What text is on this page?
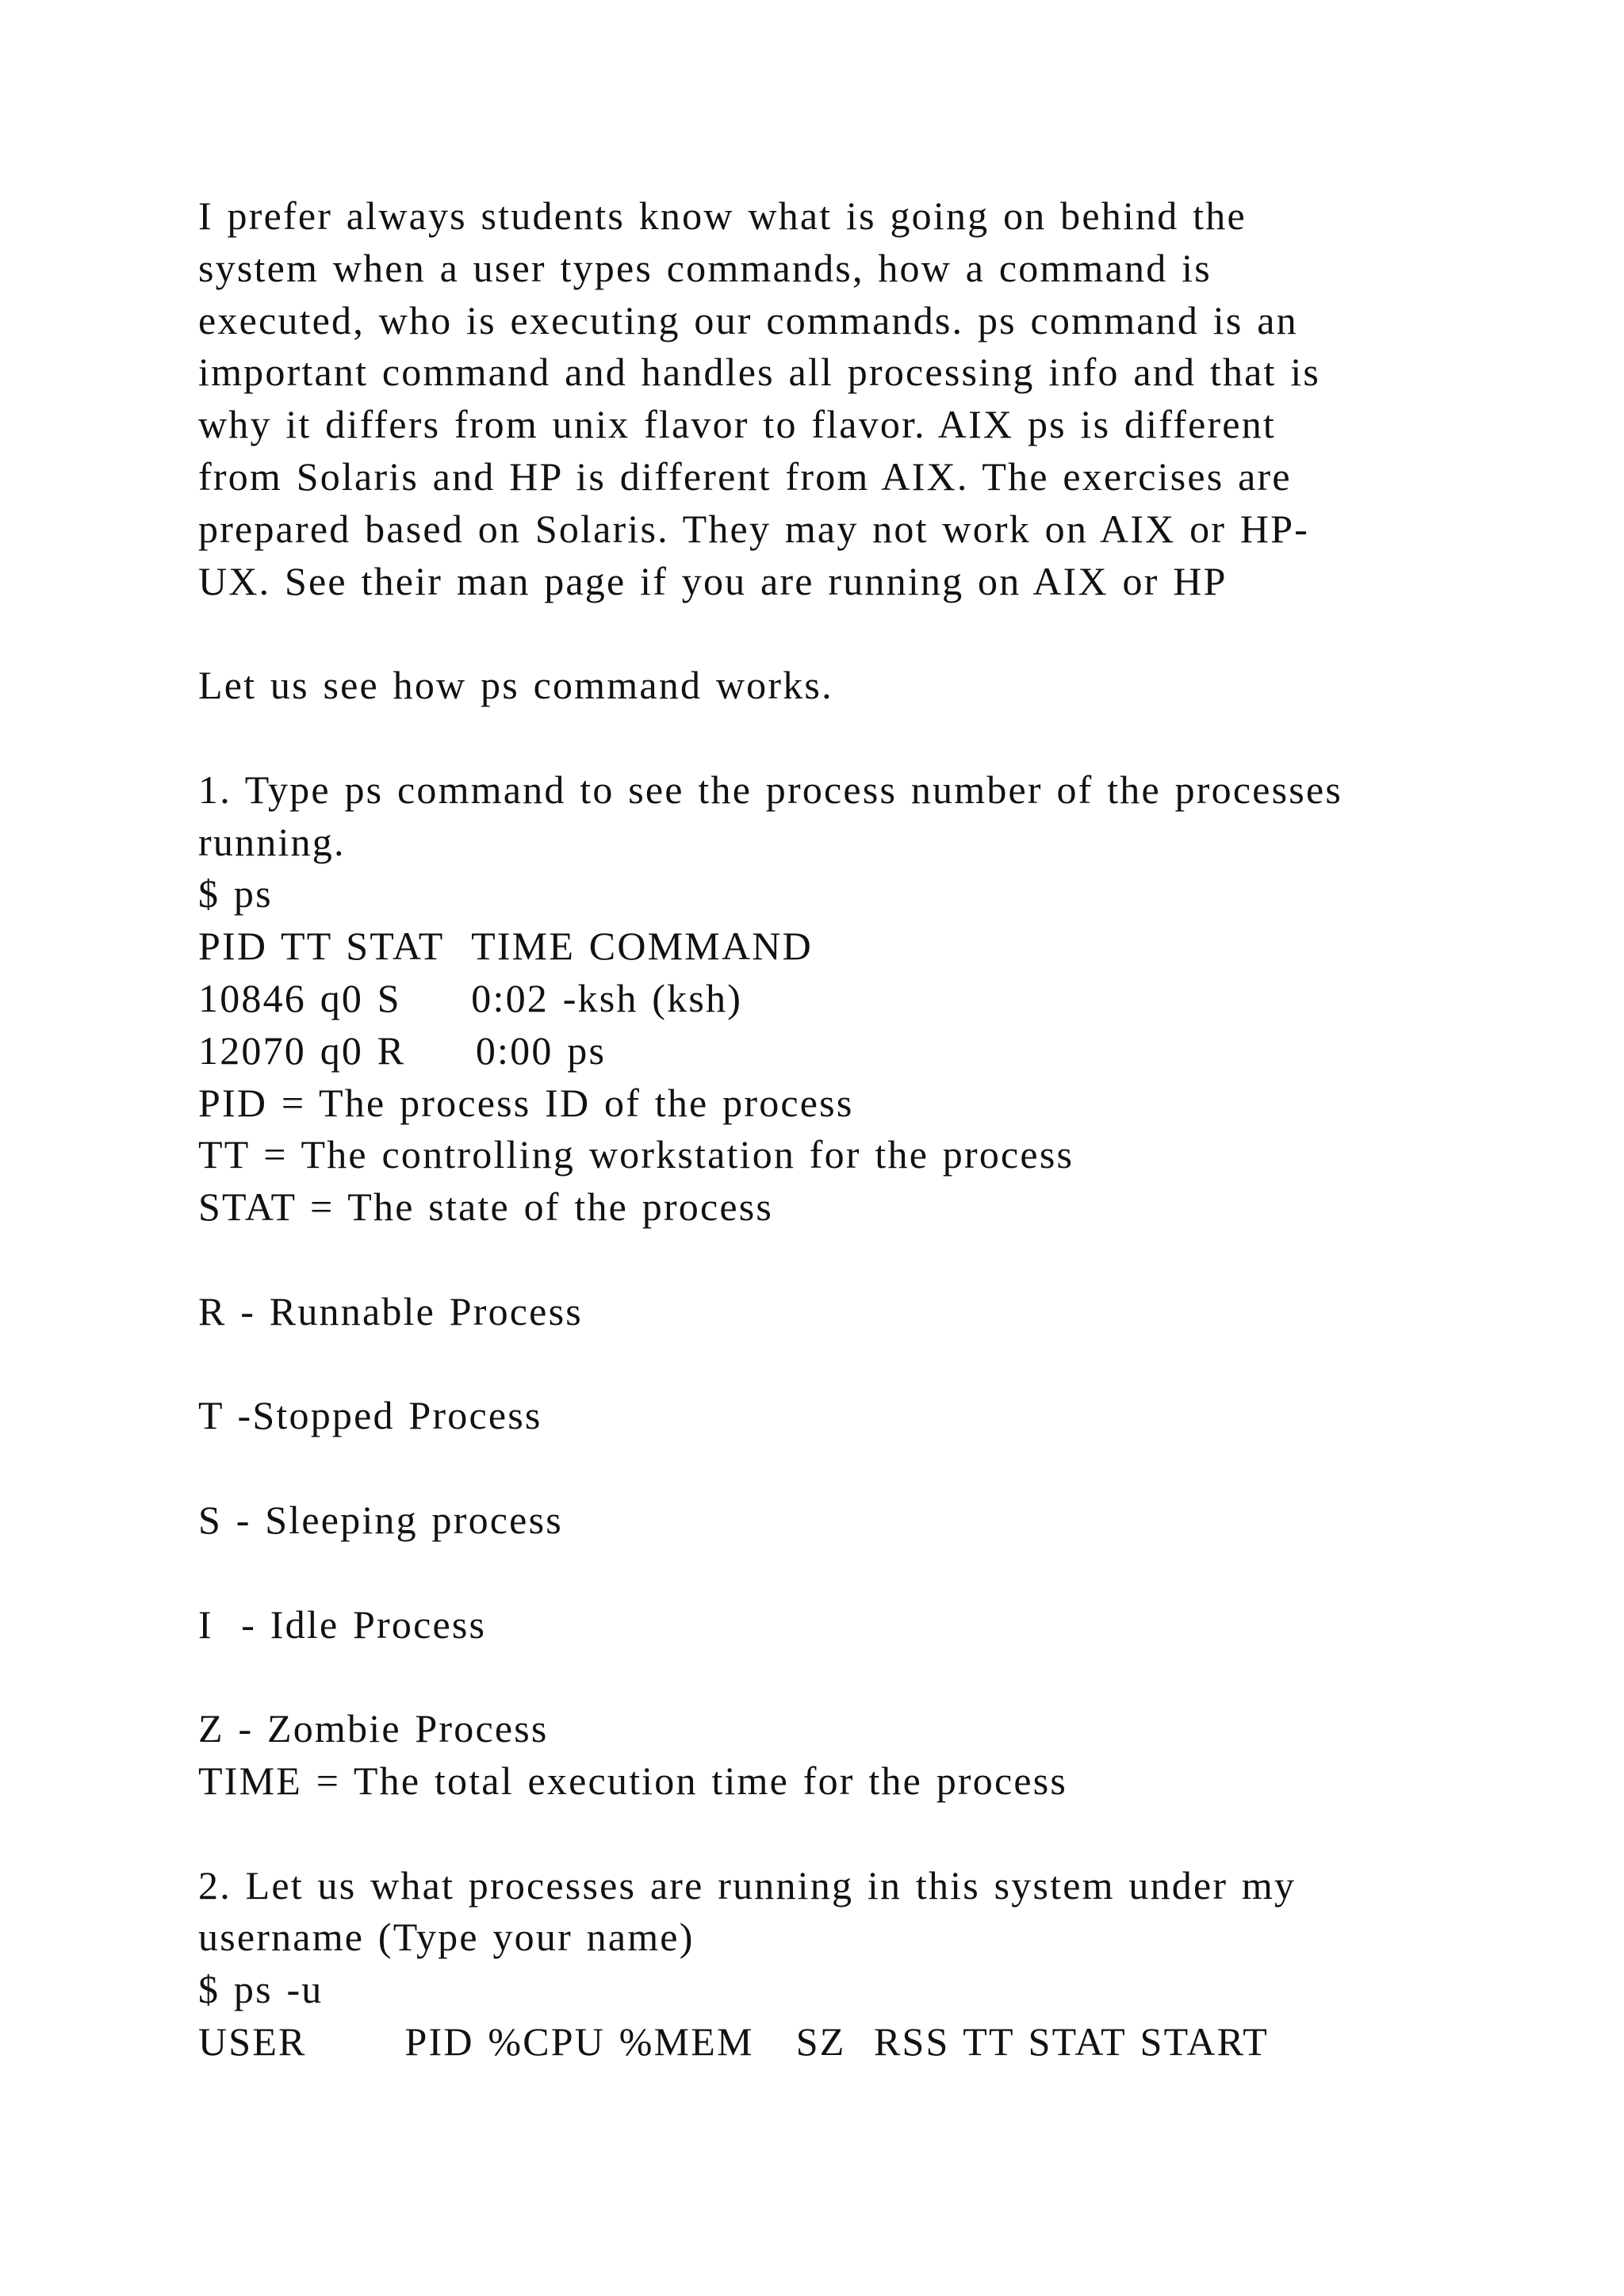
I prefer always students know what is going on behind the
system when a user types commands, how a command is
executed, who is executing our commands. ps command is an
important command and handles all processing info and that is
why it differs from unix flavor to flavor. AIX ps is different
from Solaris and HP is different from AIX. The exercises are
prepared based on Solaris. They may not work on AIX or HP-
UX. See their man page if you are running on AIX or HP
Let us see how ps command works.
1. Type ps command to see the process number of the processes
running.
$ ps
PID TT STAT  TIME COMMAND
10846 q0 S     0:02 -ksh (ksh)
12070 q0 R     0:00 ps
PID = The process ID of the process
TT = The controlling workstation for the process
STAT = The state of the process
R - Runnable Process
T -Stopped Process
S - Sleeping process
I  - Idle Process
Z - Zombie Process
TIME = The total execution time for the process
2. Let us what processes are running in this system under my
username (Type your name)
$ ps -u
USER       PID %CPU %MEM   SZ  RSS TT STAT START
